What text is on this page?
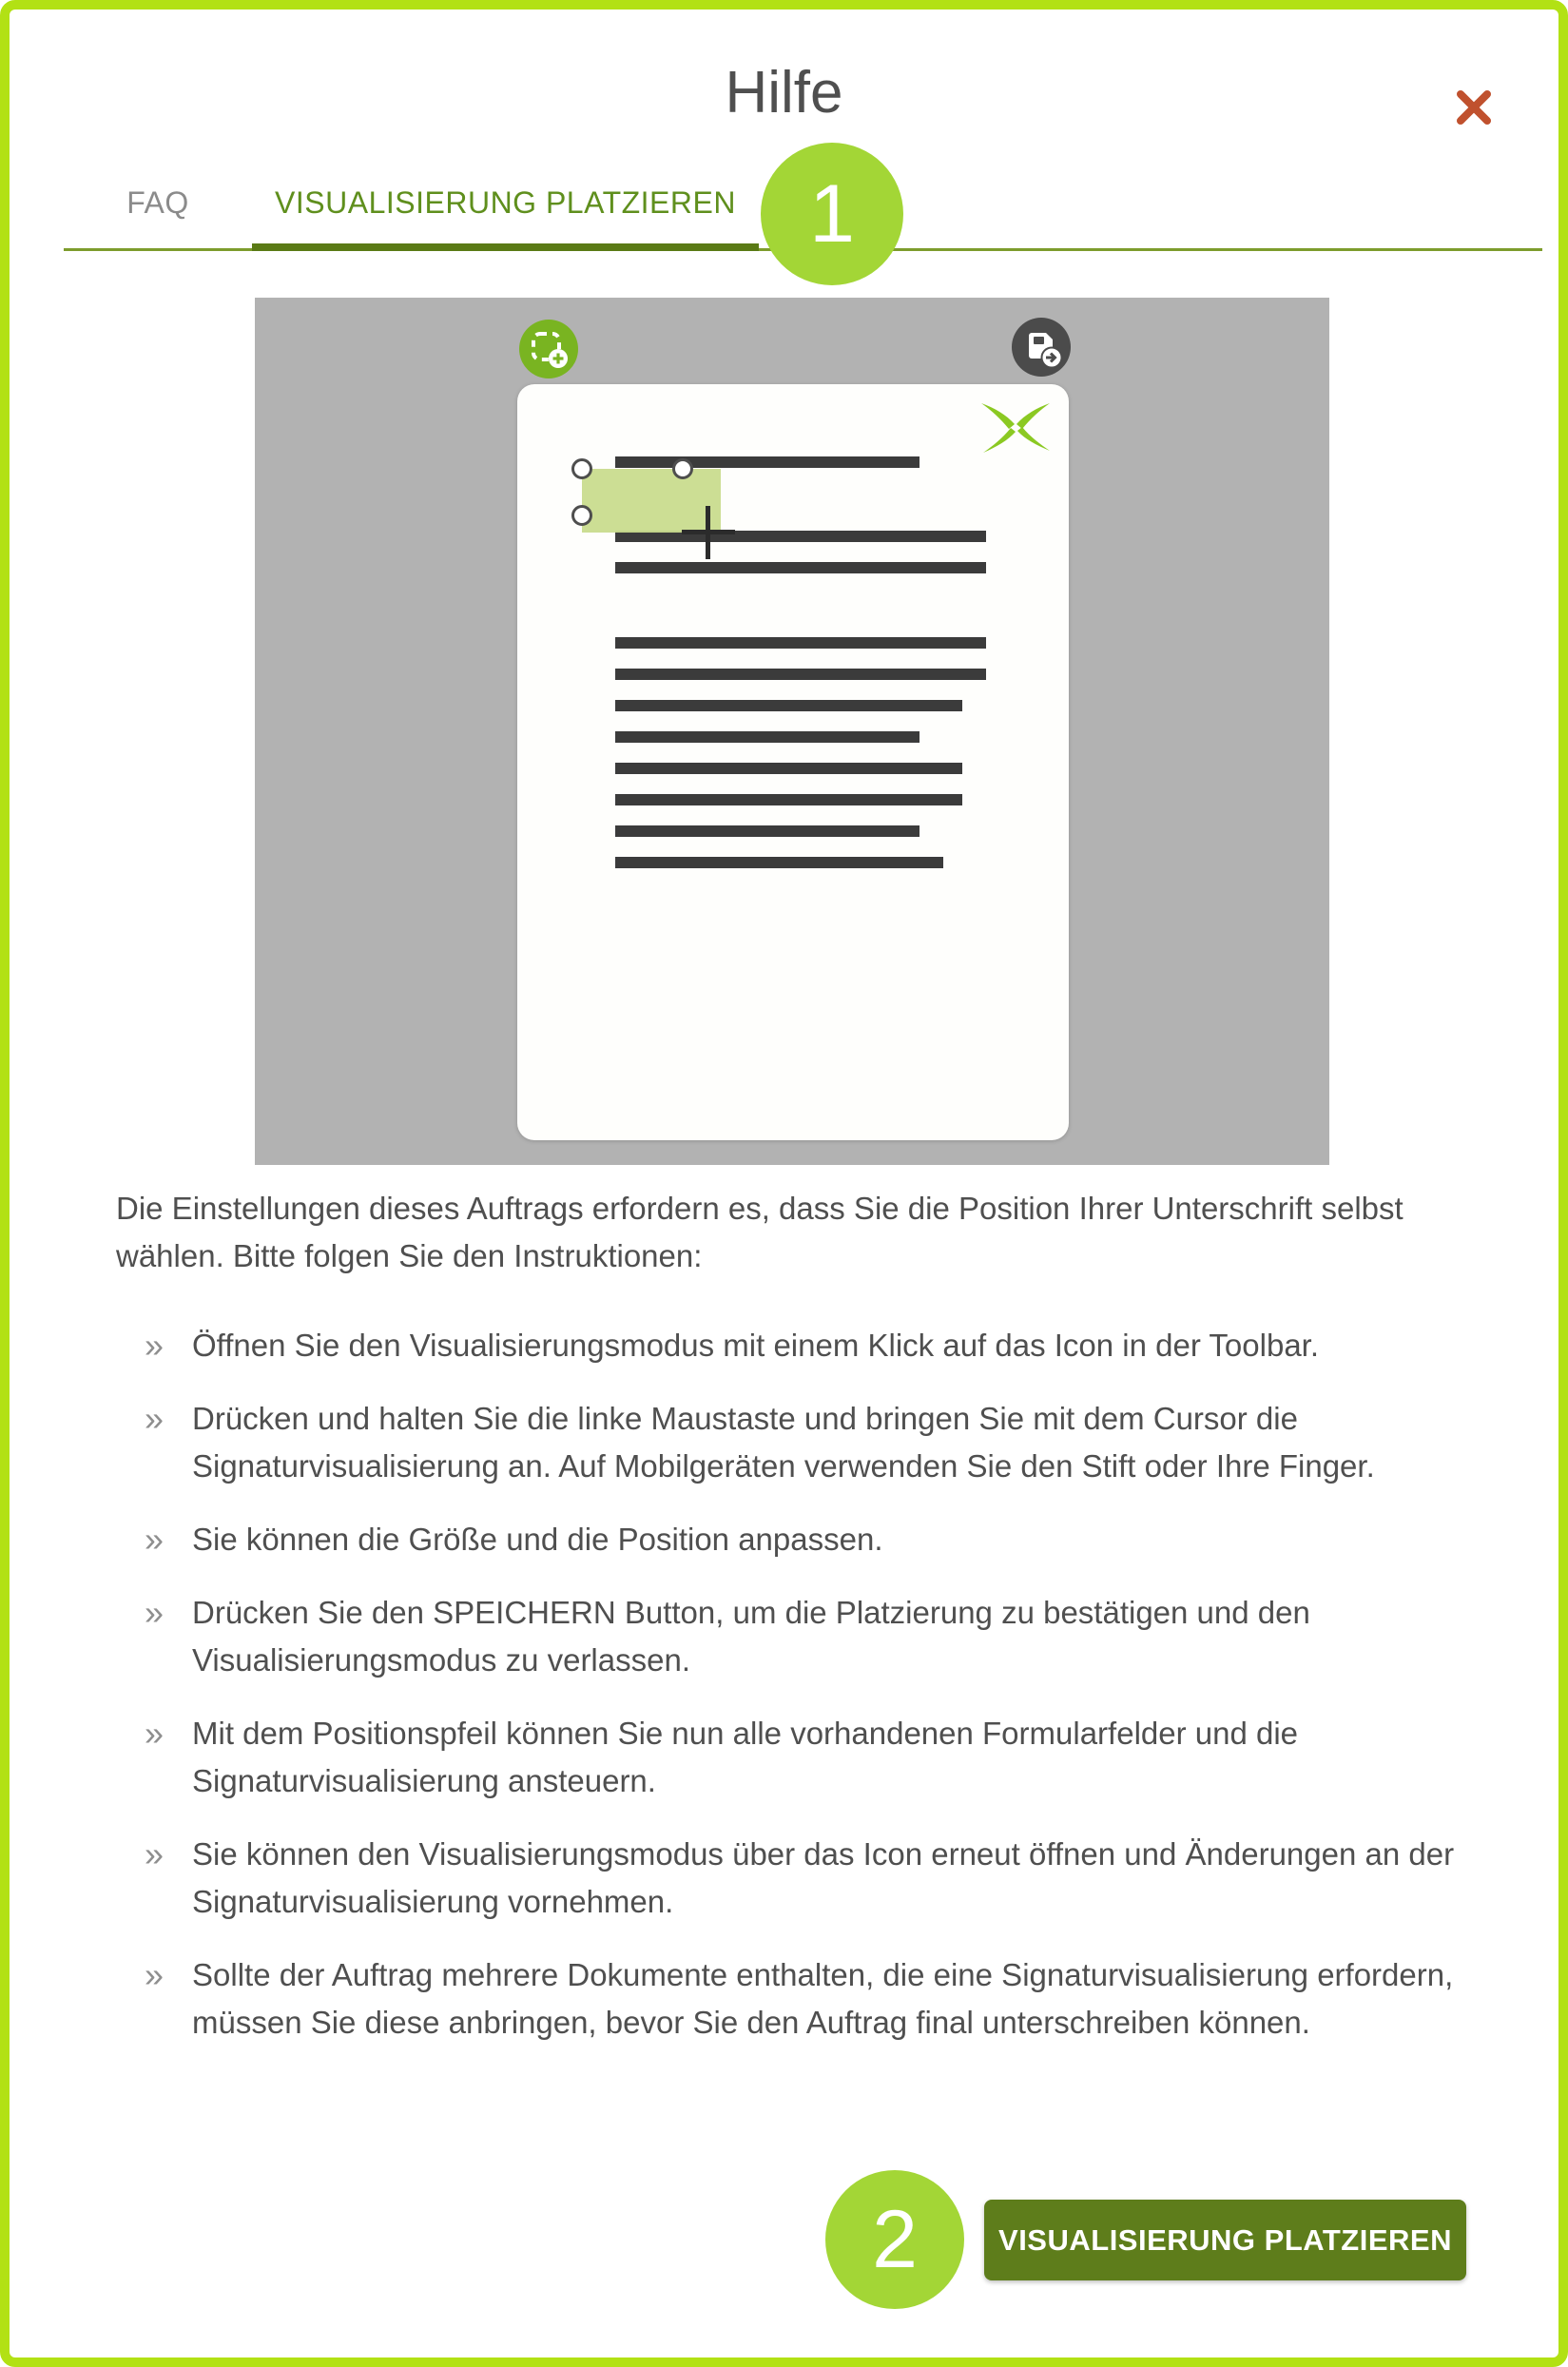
Hilfe
FAQ	VISUALISIERUNG PLATZIEREN 1

Die Einstellungen dieses Auftrags erfordern es, dass Sie die Position Ihrer Unterschrift selbst wählen. Bitte folgen Sie den Instruktionen:

» Öffnen Sie den Visualisierungsmodus mit einem Klick auf das Icon in der Toolbar.
» Drücken und halten Sie die linke Maustaste und bringen Sie mit dem Cursor die Signaturvisualisierung an. Auf Mobilgeräten verwenden Sie den Stift oder Ihre Finger.
» Sie können die Größe und die Position anpassen.
» Drücken Sie den SPEICHERN Button, um die Platzierung zu bestätigen und den Visualisierungsmodus zu verlassen.
» Mit dem Positionspfeil können Sie nun alle vorhandenen Formularfelder und die Signaturvisualisierung ansteuern.
» Sie können den Visualisierungsmodus über das Icon erneut öffnen und Änderungen an der Signaturvisualisierung vornehmen.
» Sollte der Auftrag mehrere Dokumente enthalten, die eine Signaturvisualisierung erfordern, müssen Sie diese anbringen, bevor Sie den Auftrag final unterschreiben können.
2	VISUALISIERUNG PLATZIEREN
